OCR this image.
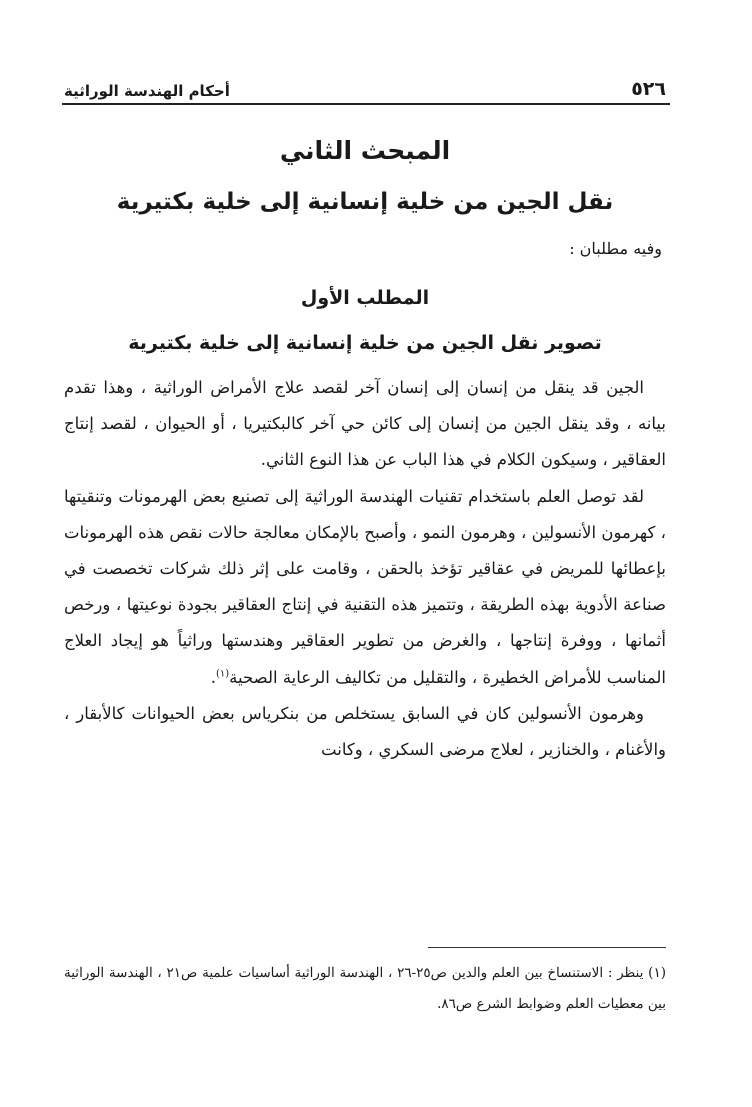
٥٢٦
أحكام الهندسة الوراثية
المبحث الثاني
نقل الجين من خلية إنسانية إلى خلية بكتيرية
وفيه مطلبان :
المطلب الأول
تصوير نقل الجين من خلية إنسانية إلى خلية بكتيرية

الجين قد ينقل من إنسان إلى إنسان آخر لقصد علاج الأمراض الوراثية ، وهذا تقدم بيانه ، وقد ينقل الجين من إنسان إلى كائن حي آخر كالبكتيريا ، أو الحيوان ، لقصد إنتاج العقاقير ، وسيكون الكلام في هذا الباب عن هذا النوع الثاني.

لقد توصل العلم باستخدام تقنيات الهندسة الوراثية إلى تصنيع بعض الهرمونات وتنقيتها ، كهرمون الأنسولين ، وهرمون النمو ، وأصبح بالإمكان معالجة حالات نقص هذه الهرمونات بإعطائها للمريض في عقاقير تؤخذ بالحقن ، وقامت على إثر ذلك شركات تخصصت في صناعة الأدوية بهذه الطريقة ، وتتميز هذه التقنية في إنتاج العقاقير بجودة نوعيتها ، ورخص أثمانها ، ووفرة إنتاجها ، والغرض من تطوير العقاقير وهندستها وراثياً هو إيجاد العلاج المناسب للأمراض الخطيرة ، والتقليل من تكاليف الرعاية الصحية$^{(١)}$.

وهرمون الأنسولين كان في السابق يستخلص من بنكرياس بعض الحيوانات كالأبقار ، والأغنام ، والخنازير ، لعلاج مرضى السكري ، وكانت

(١) ينظر : الاستنساخ بين العلم والدين ص٢٥-٢٦ ، الهندسة الوراثية أساسيات علمية ص٢١ ، الهندسة الوراثية بين معطيات العلم وضوابط الشرع ص٨٦.
